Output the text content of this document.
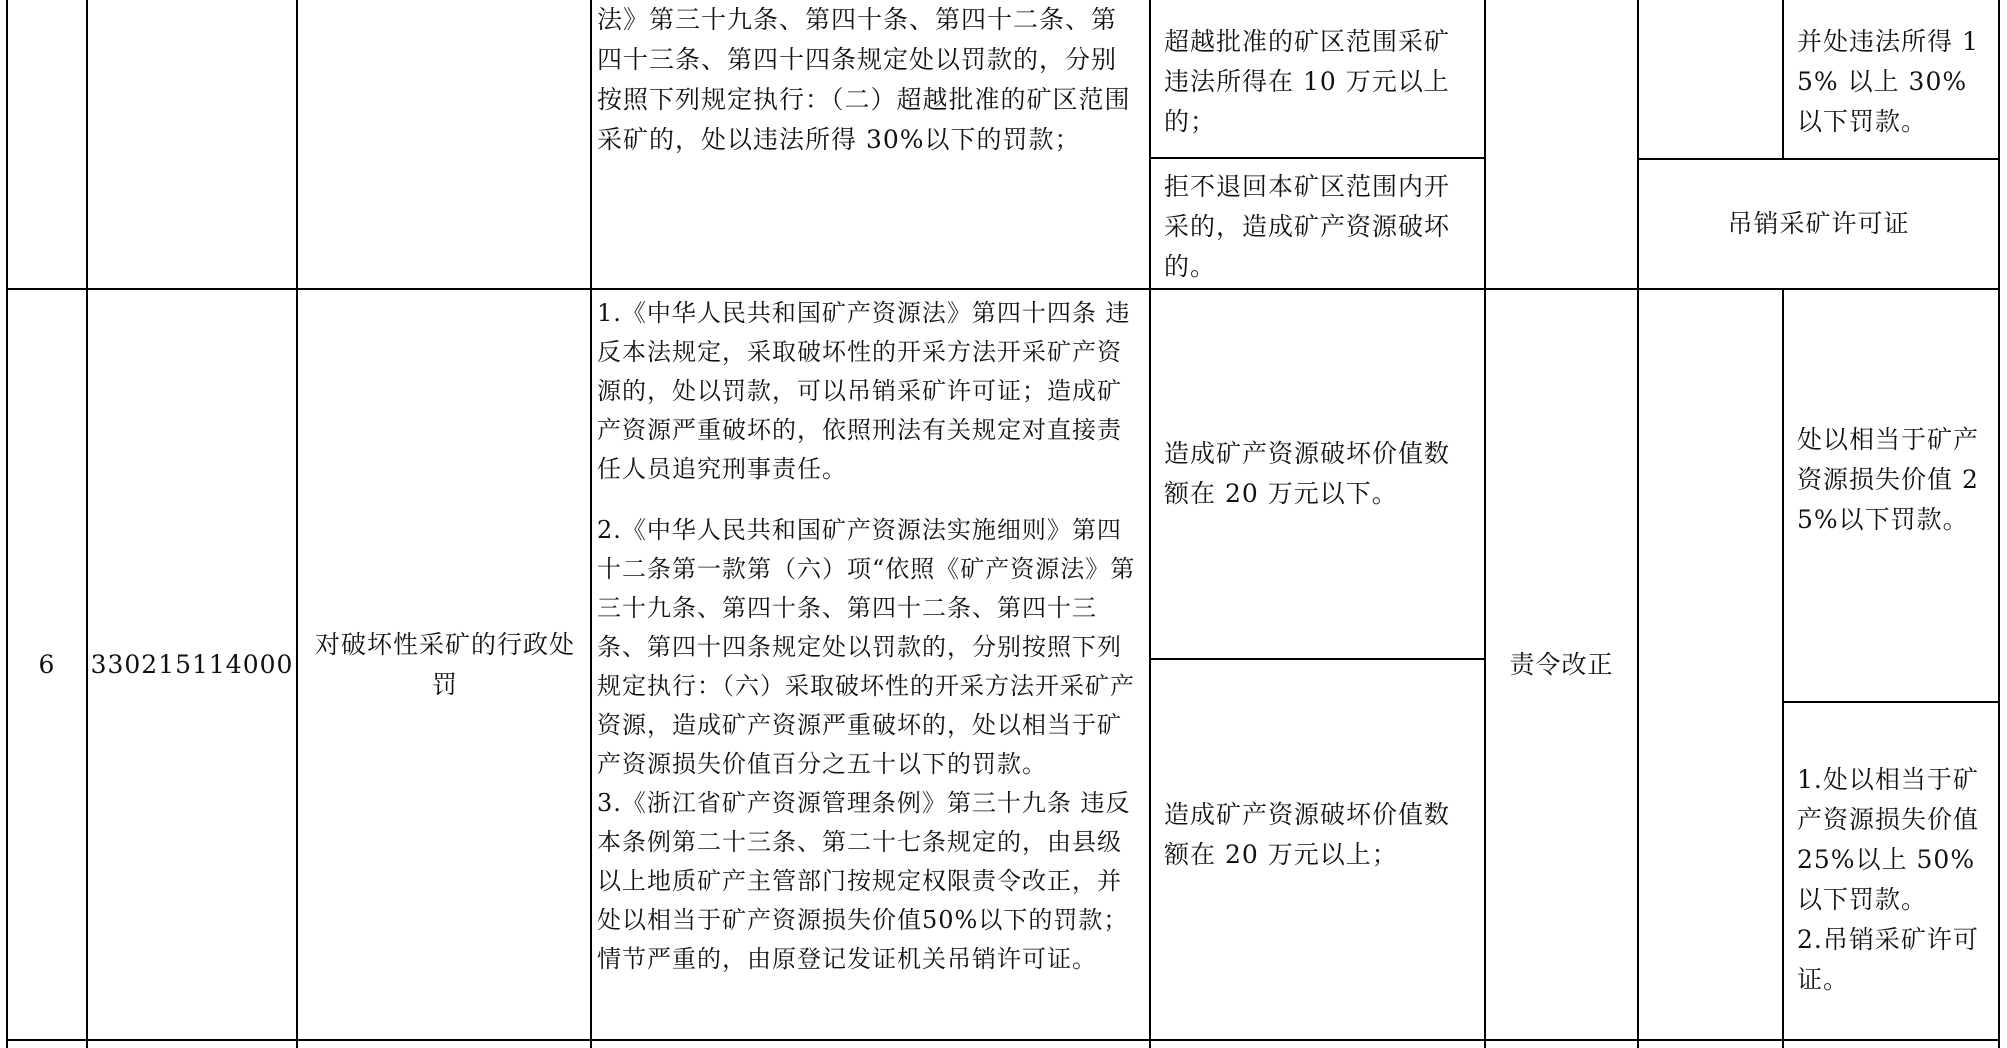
法》第三十九条、第四十条、第四十二条、第四十三条、第四十四条规定处以罚款的，分别按照下列规定执行：（二）超越批准的矿区范围采矿的，处以违法所得 30%以下的罚款；

超越批准的矿区范围采矿违法所得在 10 万元以上的；

拒不退回本矿区范围内开采的，造成矿产资源破坏的。

并处违法所得 15% 以上 30% 以下罚款。

吊销采矿许可证
6 330215114000
对破坏性采矿的行政处罚

1.《中华人民共和国矿产资源法》第四十四条 违反本法规定，采取破坏性的开采方法开采矿产资源的，处以罚款，可以吊销采矿许可证；造成矿产资源严重破坏的，依照刑法有关规定对直接责任人员追究刑事责任。

2.《中华人民共和国矿产资源法实施细则》第四十二条第一款第（六）项“依照《矿产资源法》第三十九条、第四十条、第四十二条、第四十三条、第四十四条规定处以罚款的，分别按照下列规定执行：（六）采取破坏性的开采方法开采矿产资源，造成矿产资源严重破坏的，处以相当于矿产资源损失价值百分之五十以下的罚款。

3.《浙江省矿产资源管理条例》第三十九条 违反本条例第二十三条、第二十七条规定的，由县级以上地质矿产主管部门按规定权限责令改正，并处以相当于矿产资源损失价值50%以下的罚款；情节严重的，由原登记发证机关吊销许可证。

造成矿产资源破坏价值数额在 20 万元以下。

造成矿产资源破坏价值数额在 20 万元以上；

责令改正

处以相当于矿产资源损失价值 25%以下罚款。

1.处以相当于矿产资源损失价值 25%以上 50%以下罚款。

2.吊销采矿许可证。
